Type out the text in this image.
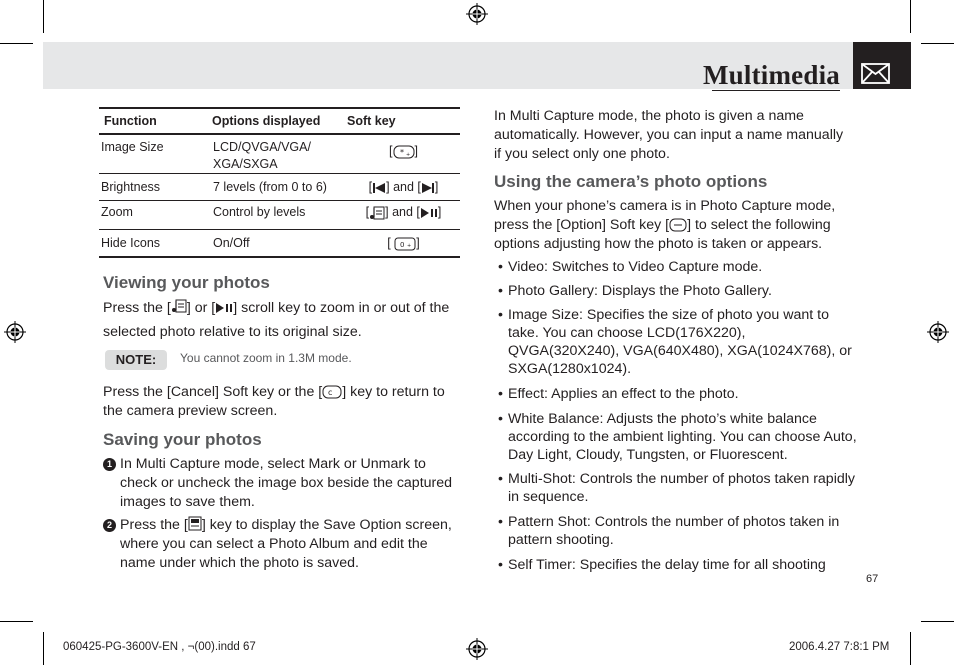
Multimedia
Function	Options displayed	Soft key
Image Size	LCD/QVGA/VGA/ XGA/SXGA	[ * + ]
Brightness	7 levels (from 0 to 6)	[ ] and [ ]
Zoom	Control by levels	[ ] and [ ]
Hide Icons	On/Off	[ 0 + ]
Viewing your photos
Press the [ ] or [ ] scroll key to zoom in or out of the selected photo relative to its original size.
NOTE:	You cannot zoom in 1.3M mode.
Press the [Cancel] Soft key or the [ c ] key to return to the camera preview screen.
Saving your photos
1 In Multi Capture mode, select Mark or Unmark to check or uncheck the image box beside the captured images to save them.
2 Press the [ ] key to display the Save Option screen, where you can select a Photo Album and edit the name under which the photo is saved.
In Multi Capture mode, the photo is given a name automatically. However, you can input a name manually if you select only one photo.
Using the camera’s photo options
When your phone’s camera is in Photo Capture mode, press the [Option] Soft key [ ] to select the following options adjusting how the photo is taken or appears.
• Video: Switches to Video Capture mode.
• Photo Gallery: Displays the Photo Gallery.
• Image Size: Specifies the size of photo you want to take. You can choose LCD(176X220), QVGA(320X240), VGA(640X480), XGA(1024X768), or SXGA(1280x1024).
• Effect: Applies an effect to the photo.
• White Balance: Adjusts the photo’s white balance according to the ambient lighting. You can choose Auto, Day Light, Cloudy, Tungsten, or Fluorescent.
• Multi-Shot: Controls the number of photos taken rapidly in sequence.
• Pattern Shot: Controls the number of photos taken in pattern shooting.
• Self Timer: Specifies the delay time for all shooting
67
060425-PG-3600V-EN , ¬(00).indd 67	2006.4.27 7:8:1 PM
